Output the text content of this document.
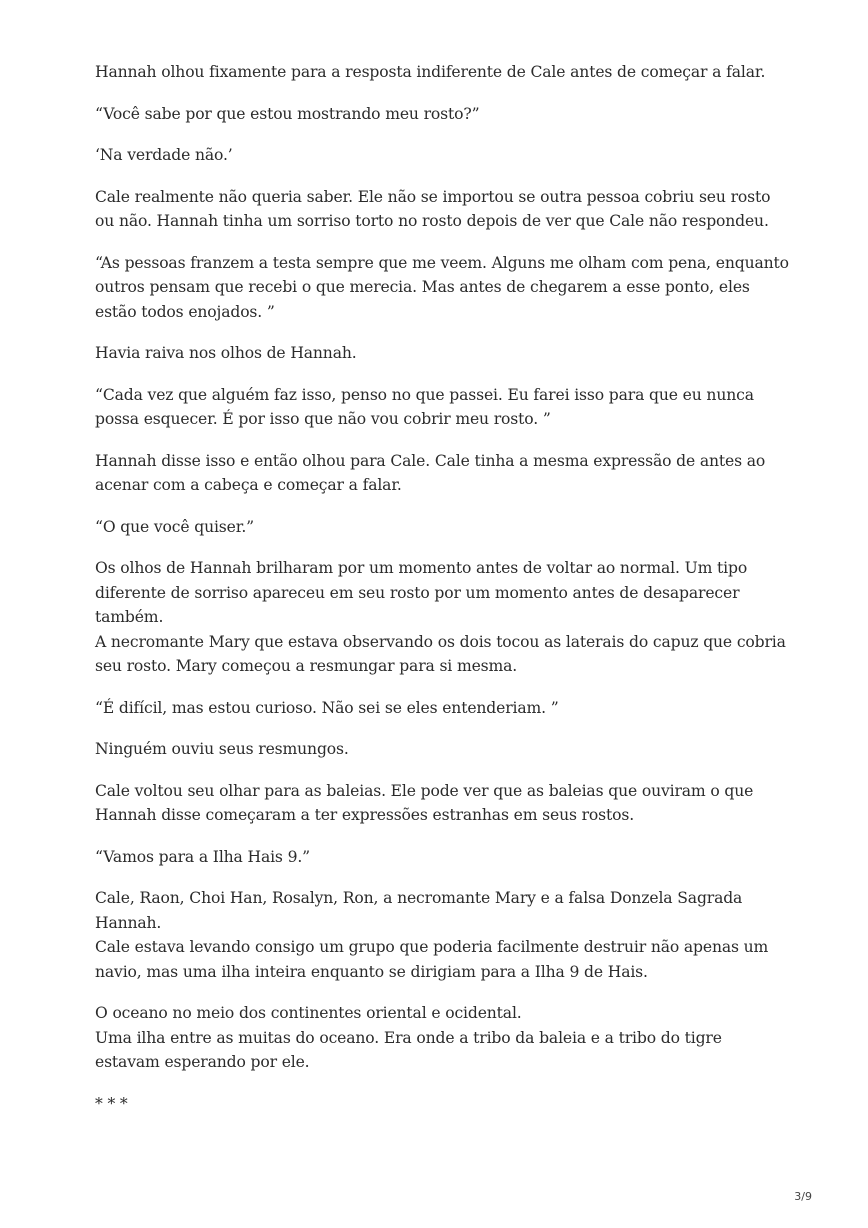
Hannah olhou fixamente para a resposta indiferente de Cale antes de começar a falar.

“Você sabe por que estou mostrando meu rosto?”

‘Na verdade não.’

Cale realmente não queria saber. Ele não se importou se outra pessoa cobriu seu rosto ou não. Hannah tinha um sorriso torto no rosto depois de ver que Cale não respondeu.

“As pessoas franzem a testa sempre que me veem. Alguns me olham com pena, enquanto outros pensam que recebi o que merecia. Mas antes de chegarem a esse ponto, eles estão todos enojados. ”

Havia raiva nos olhos de Hannah.

“Cada vez que alguém faz isso, penso no que passei. Eu farei isso para que eu nunca possa esquecer. É por isso que não vou cobrir meu rosto. ”

Hannah disse isso e então olhou para Cale. Cale tinha a mesma expressão de antes ao acenar com a cabeça e começar a falar.

“O que você quiser.”

Os olhos de Hannah brilharam por um momento antes de voltar ao normal. Um tipo diferente de sorriso apareceu em seu rosto por um momento antes de desaparecer também.
A necromante Mary que estava observando os dois tocou as laterais do capuz que cobria seu rosto. Mary começou a resmungar para si mesma.

“É difícil, mas estou curioso. Não sei se eles entenderiam. ”

Ninguém ouviu seus resmungos.

Cale voltou seu olhar para as baleias. Ele pode ver que as baleias que ouviram o que Hannah disse começaram a ter expressões estranhas em seus rostos.

“Vamos para a Ilha Hais 9.”

Cale, Raon, Choi Han, Rosalyn, Ron, a necromante Mary e a falsa Donzela Sagrada Hannah.
Cale estava levando consigo um grupo que poderia facilmente destruir não apenas um navio, mas uma ilha inteira enquanto se dirigiam para a Ilha 9 de Hais.

O oceano no meio dos continentes oriental e ocidental.
Uma ilha entre as muitas do oceano. Era onde a tribo da baleia e a tribo do tigre estavam esperando por ele.

* * *

3/9
